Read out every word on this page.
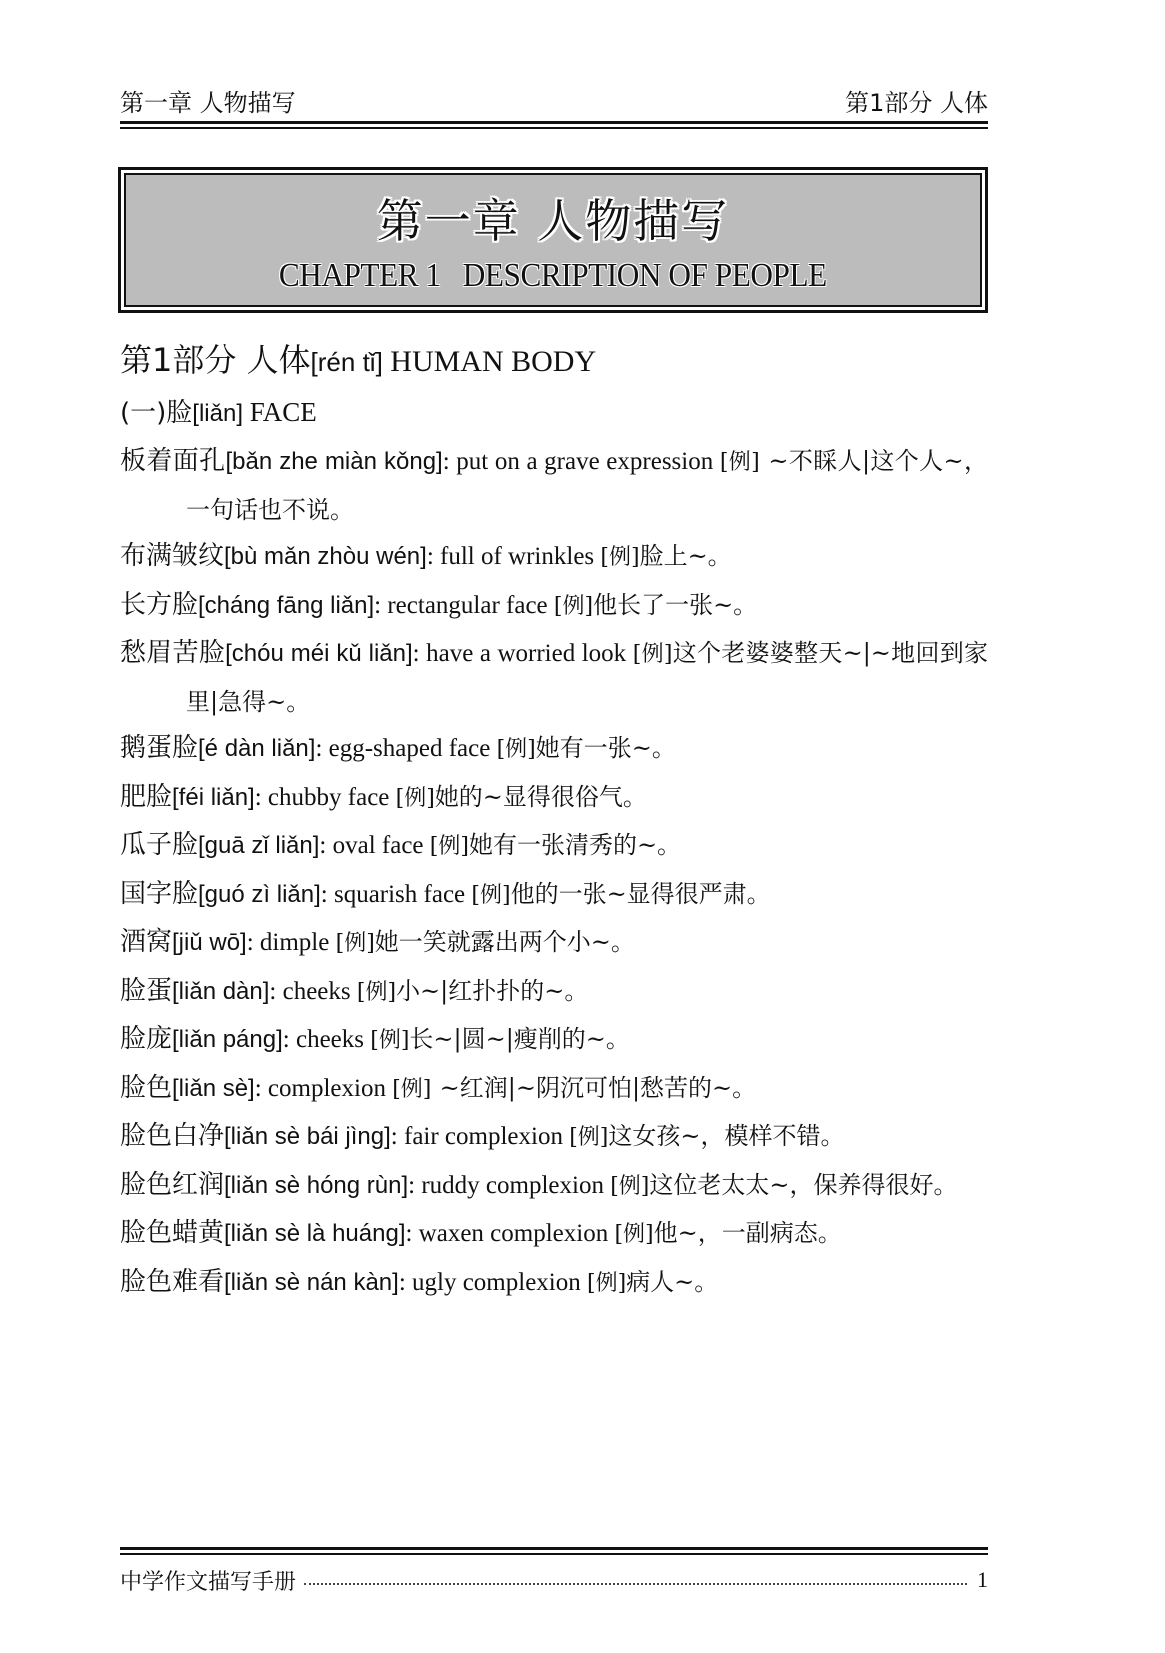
第一章 人物描写	第1部分 人体
第一章 人物描写
CHAPTER 1   DESCRIPTION OF PEOPLE
第1部分 人体[rén tǐ] HUMAN BODY
(一)脸[liǎn] FACE
板着面孔[bǎn zhe miàn kǒng]: put on a grave expression [例] ~不睬人|这个人~，一句话也不说。
布满皱纹[bù mǎn zhòu wén]: full of wrinkles [例]脸上~。
长方脸[cháng fāng liǎn]: rectangular face [例]他长了一张~。
愁眉苦脸[chóu méi kǔ liǎn]: have a worried look [例]这个老婆婆整天~|~地回到家里|急得~。
鹅蛋脸[é dàn liǎn]: egg-shaped face [例]她有一张~。
肥脸[féi liǎn]: chubby face [例]她的~显得很俗气。
瓜子脸[guā zǐ liǎn]: oval face [例]她有一张清秀的~。
国字脸[guó zì liǎn]: squarish face [例]他的一张~显得很严肃。
酒窝[jiǔ wō]: dimple [例]她一笑就露出两个小~。
脸蛋[liǎn dàn]: cheeks [例]小~|红扑扑的~。
脸庞[liǎn páng]: cheeks [例]长~|圆~|瘦削的~。
脸色[liǎn sè]: complexion [例] ~红润|~阴沉可怕|愁苦的~。
脸色白净[liǎn sè bái jìng]: fair complexion [例]这女孩~，模样不错。
脸色红润[liǎn sè hóng rùn]: ruddy complexion [例]这位老太太~，保养得很好。
脸色蜡黄[liǎn sè là huáng]: waxen complexion [例]他~，一副病态。
脸色难看[liǎn sè nán kàn]: ugly complexion [例]病人~。
中学作文描写手册	1
